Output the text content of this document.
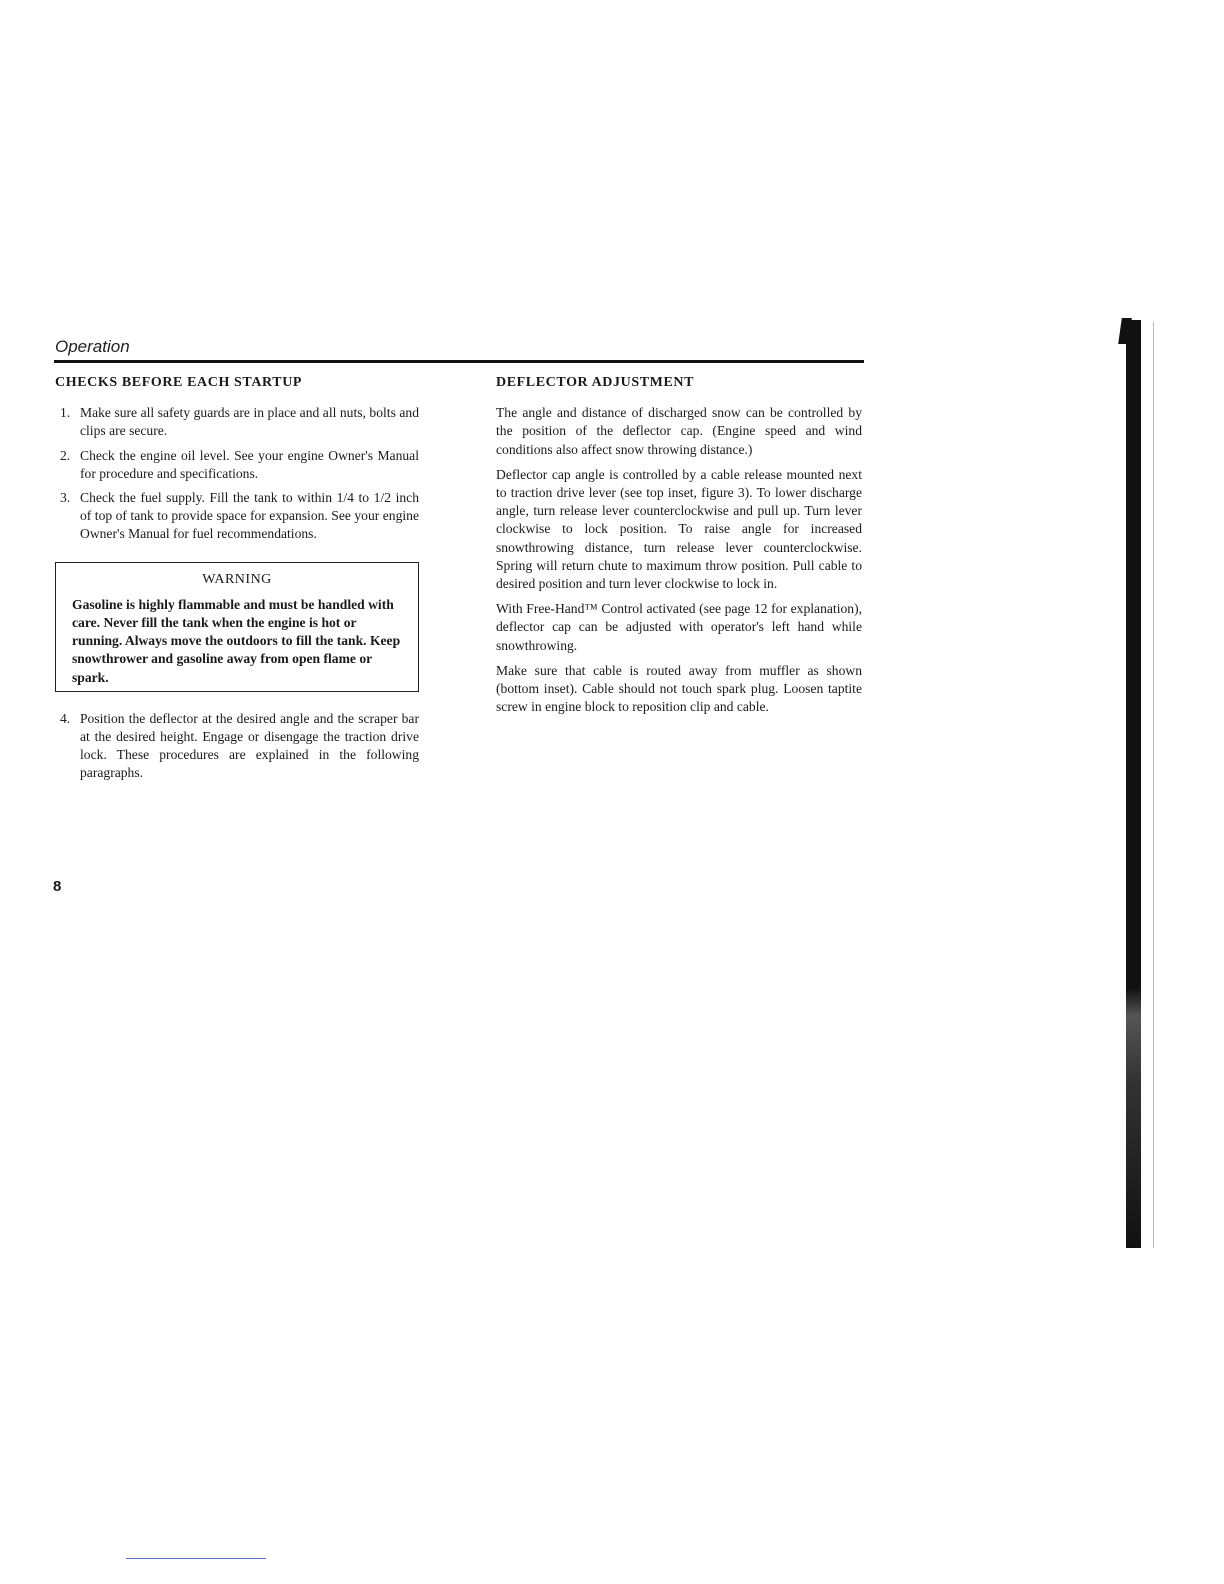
Operation
CHECKS BEFORE EACH STARTUP
1. Make sure all safety guards are in place and all nuts, bolts and clips are secure.
2. Check the engine oil level. See your engine Owner's Manual for procedure and specifications.
3. Check the fuel supply. Fill the tank to within 1/4 to 1/2 inch of top of tank to provide space for expansion. See your engine Owner's Manual for fuel recommendations.
WARNING
Gasoline is highly flammable and must be handled with care. Never fill the tank when the engine is hot or running. Always move the outdoors to fill the tank. Keep snowthrower and gasoline away from open flame or spark.
4. Position the deflector at the desired angle and the scraper bar at the desired height. Engage or disengage the traction drive lock. These procedures are explained in the following paragraphs.
DEFLECTOR ADJUSTMENT

The angle and distance of discharged snow can be controlled by the position of the deflector cap. (Engine speed and wind conditions also affect snow throwing distance.)

Deflector cap angle is controlled by a cable release mounted next to traction drive lever (see top inset, figure 3). To lower discharge angle, turn release lever counterclockwise and pull up. Turn lever clockwise to lock position. To raise angle for increased snowthrowing distance, turn release lever counterclockwise. Spring will return chute to maximum throw position. Pull cable to desired position and turn lever clockwise to lock in.

With Free-Hand™ Control activated (see page 12 for explanation), deflector cap can be adjusted with operator's left hand while snowthrowing.

Make sure that cable is routed away from muffler as shown (bottom inset). Cable should not touch spark plug. Loosen taptite screw in engine block to reposition clip and cable.

8
